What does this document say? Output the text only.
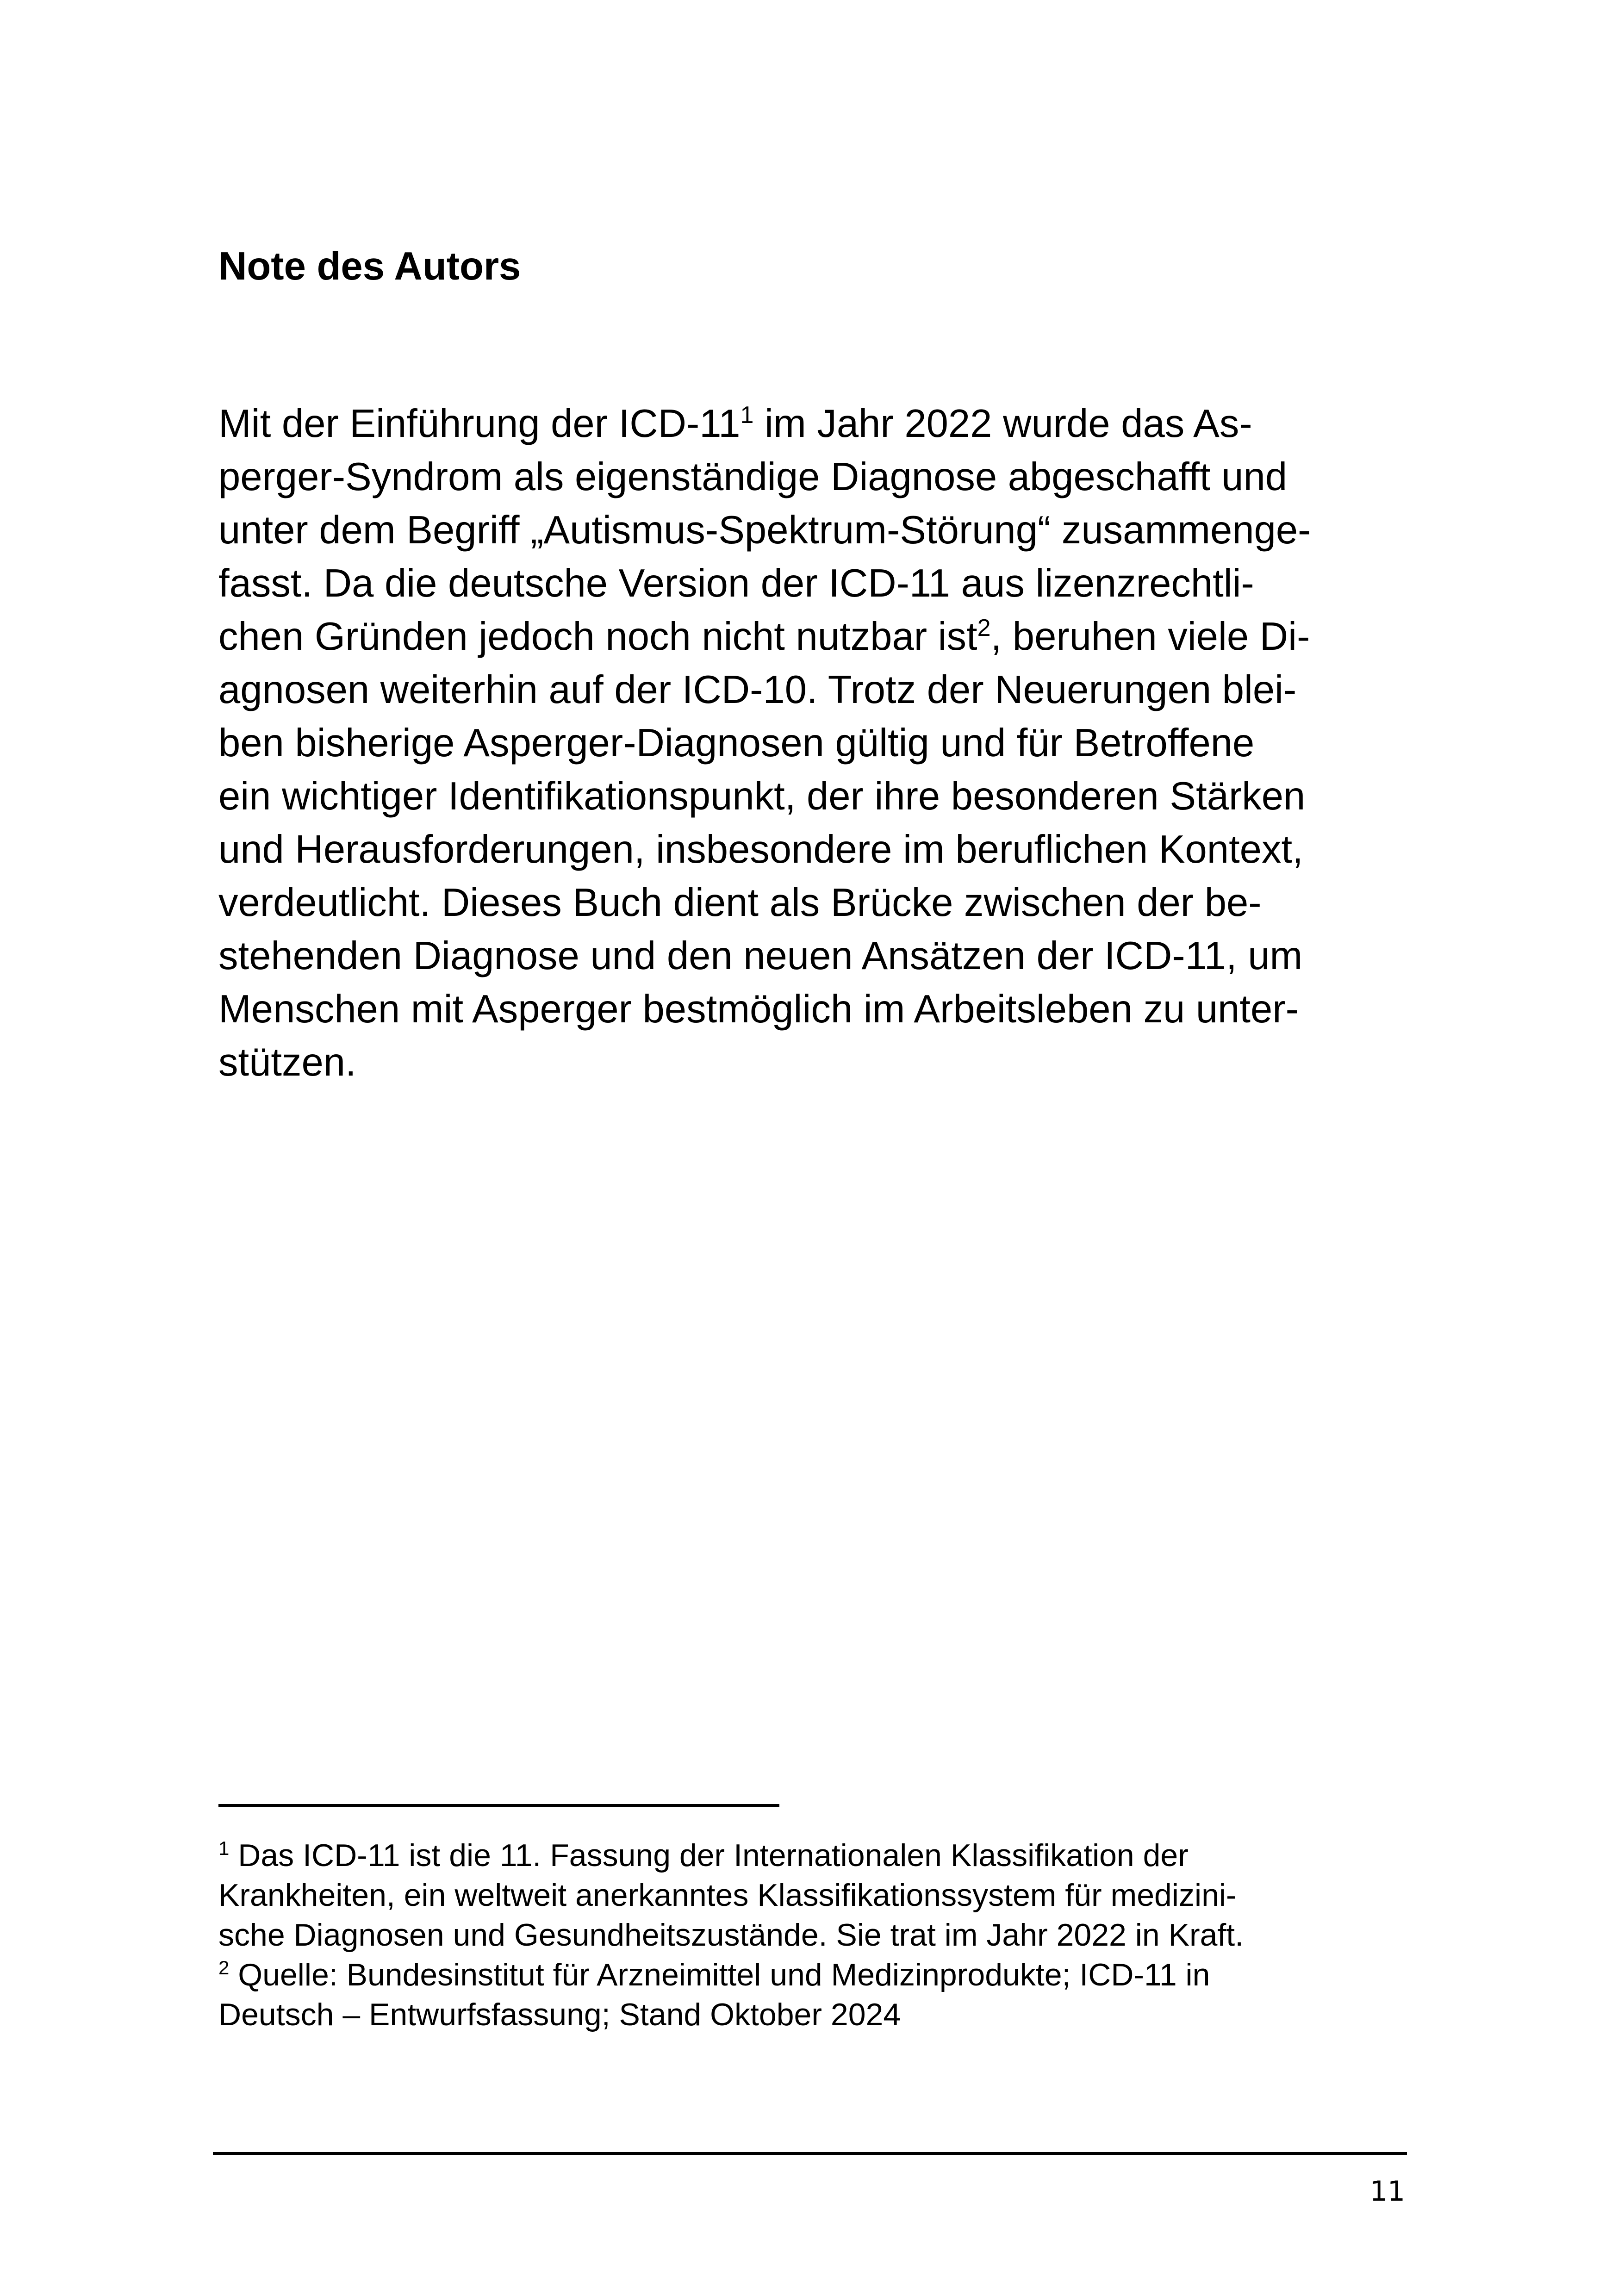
Note des Autors

Mit der Einführung der ICD-$11^1$ im Jahr 2022 wurde das As-
perger-Syndrom als eigenständige Diagnose abgeschafft und
unter dem Begriff „Autismus-Spektrum-Störung“ zusammenge-
fasst. Da die deutsche Version der ICD-11 aus lizenzrechtli-
chen Gründen jedoch noch nicht nutzbar ist$^2$, beruhen viele Di-
agnosen weiterhin auf der ICD-10. Trotz der Neuerungen blei-
ben bisherige Asperger-Diagnosen gültig und für Betroffene
ein wichtiger Identifikationspunkt, der ihre besonderen Stärken
und Herausforderungen, insbesondere im beruflichen Kontext,
verdeutlicht. Dieses Buch dient als Brücke zwischen der be-
stehenden Diagnose und den neuen Ansätzen der ICD-11, um
Menschen mit Asperger bestmöglich im Arbeitsleben zu unter-
stützen.

$^1$ Das ICD-11 ist die 11. Fassung der Internationalen Klassifikation der
Krankheiten, ein weltweit anerkanntes Klassifikationssystem für medizini-
sche Diagnosen und Gesundheitszustände. Sie trat im Jahr 2022 in Kraft.
$^2$ Quelle: Bundesinstitut für Arzneimittel und Medizinprodukte; ICD-11 in
Deutsch – Entwurfsfassung; Stand Oktober 2024

11
